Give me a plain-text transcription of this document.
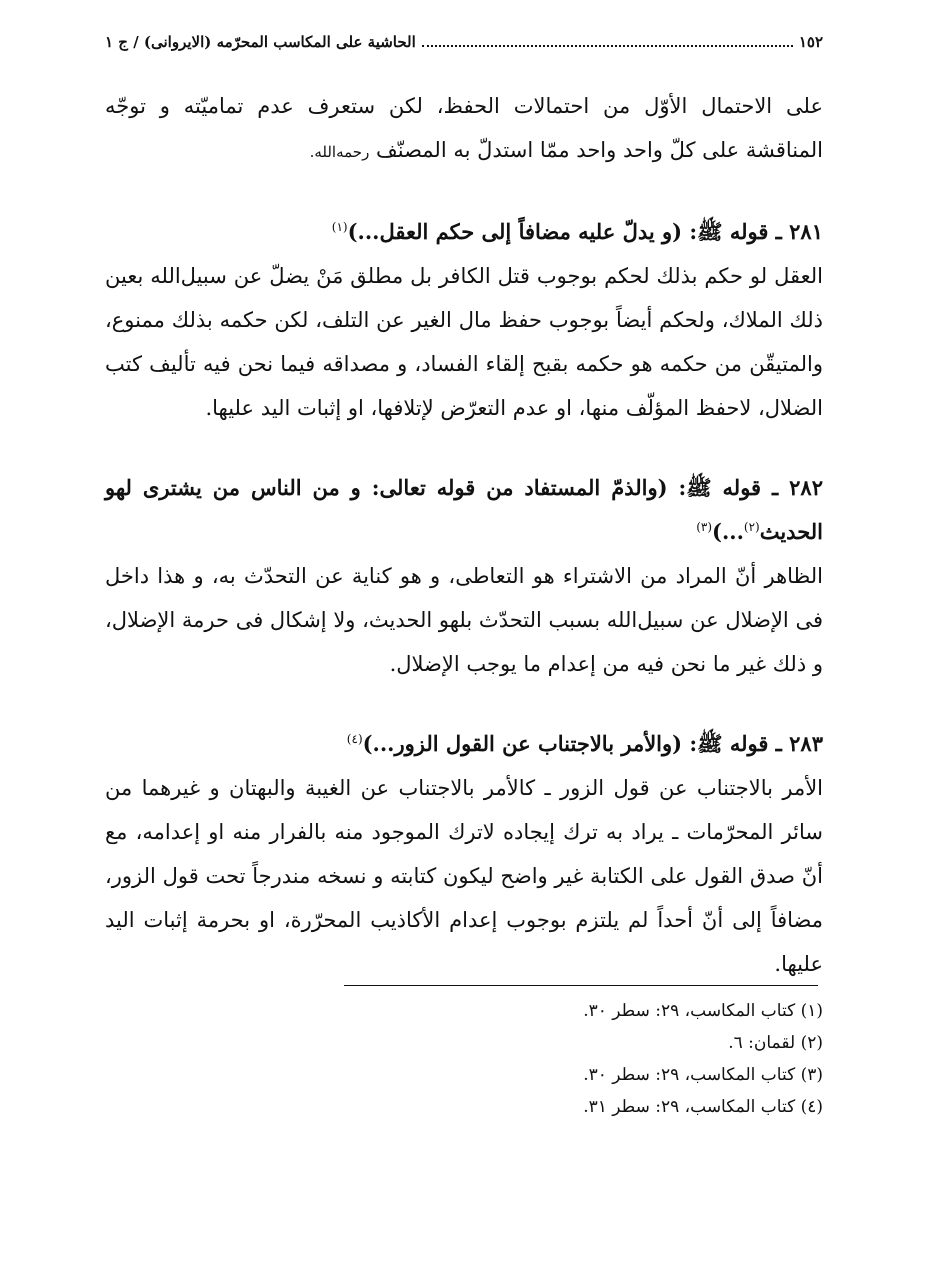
١٥٢
الحاشية على المكاسب المحرّمه (الايروانى) / ج ١
على الاحتمال الأوّل من احتمالات الحفظ، لكن ستعرف عدم تماميّته و توجّه المناقشة على كلّ واحد واحد ممّا استدلّ به المصنّف رحمه‌الله.
٢٨١ ـ قوله ﷺ: (و يدلّ عليه مضافاً إلى حكم العقل...)$^{(١)}$
العقل لو حكم بذلك لحكم بوجوب قتل الكافر بل مطلق مَنْ يضلّ عن سبيل‌الله بعين ذلك الملاك، ولحكم أيضاً بوجوب حفظ مال الغير عن التلف، لكن حكمه بذلك ممنوع، والمتيقّن من حكمه هو حكمه بقبح إلقاء الفساد، و مصداقه فيما نحن فيه تأليف كتب الضلال، لاحفظ المؤلّف منها، او عدم التعرّض لإتلافها، او إثبات اليد عليها.
٢٨٢ ـ قوله ﷺ: (والذمّ المستفاد من قوله تعالى: و من الناس من يشترى لهو الحديث$^{(٢)}$...)$^{(٣)}$
الظاهر أنّ المراد من الاشتراء هو التعاطى، و هو كناية عن التحدّث به، و هذا داخل فى الإضلال عن سبيل‌الله بسبب التحدّث بلهو الحديث، ولا إشكال فى حرمة الإضلال، و ذلك غير ما نحن فيه من إعدام ما يوجب الإضلال.
٢٨٣ ـ قوله ﷺ: (والأمر بالاجتناب عن القول الزور...)$^{(٤)}$
الأمر بالاجتناب عن قول الزور ـ كالأمر بالاجتناب عن الغيبة والبهتان و غيرهما من سائر المحرّمات ـ يراد به ترك إيجاده لاترك الموجود منه بالفرار منه او إعدامه، مع أنّ صدق القول على الكتابة غير واضح ليكون كتابته و نسخه مندرجاً تحت قول الزور، مضافاً إلى أنّ أحداً لم يلتزم بوجوب إعدام الأكاذيب المحرّرة، او بحرمة إثبات اليد عليها.
(١) كتاب المكاسب، ٢٩: سطر ٣٠.
(٢) لقمان: ٦.
(٣) كتاب المكاسب، ٢٩: سطر ٣٠.
(٤) كتاب المكاسب، ٢٩: سطر ٣١.
